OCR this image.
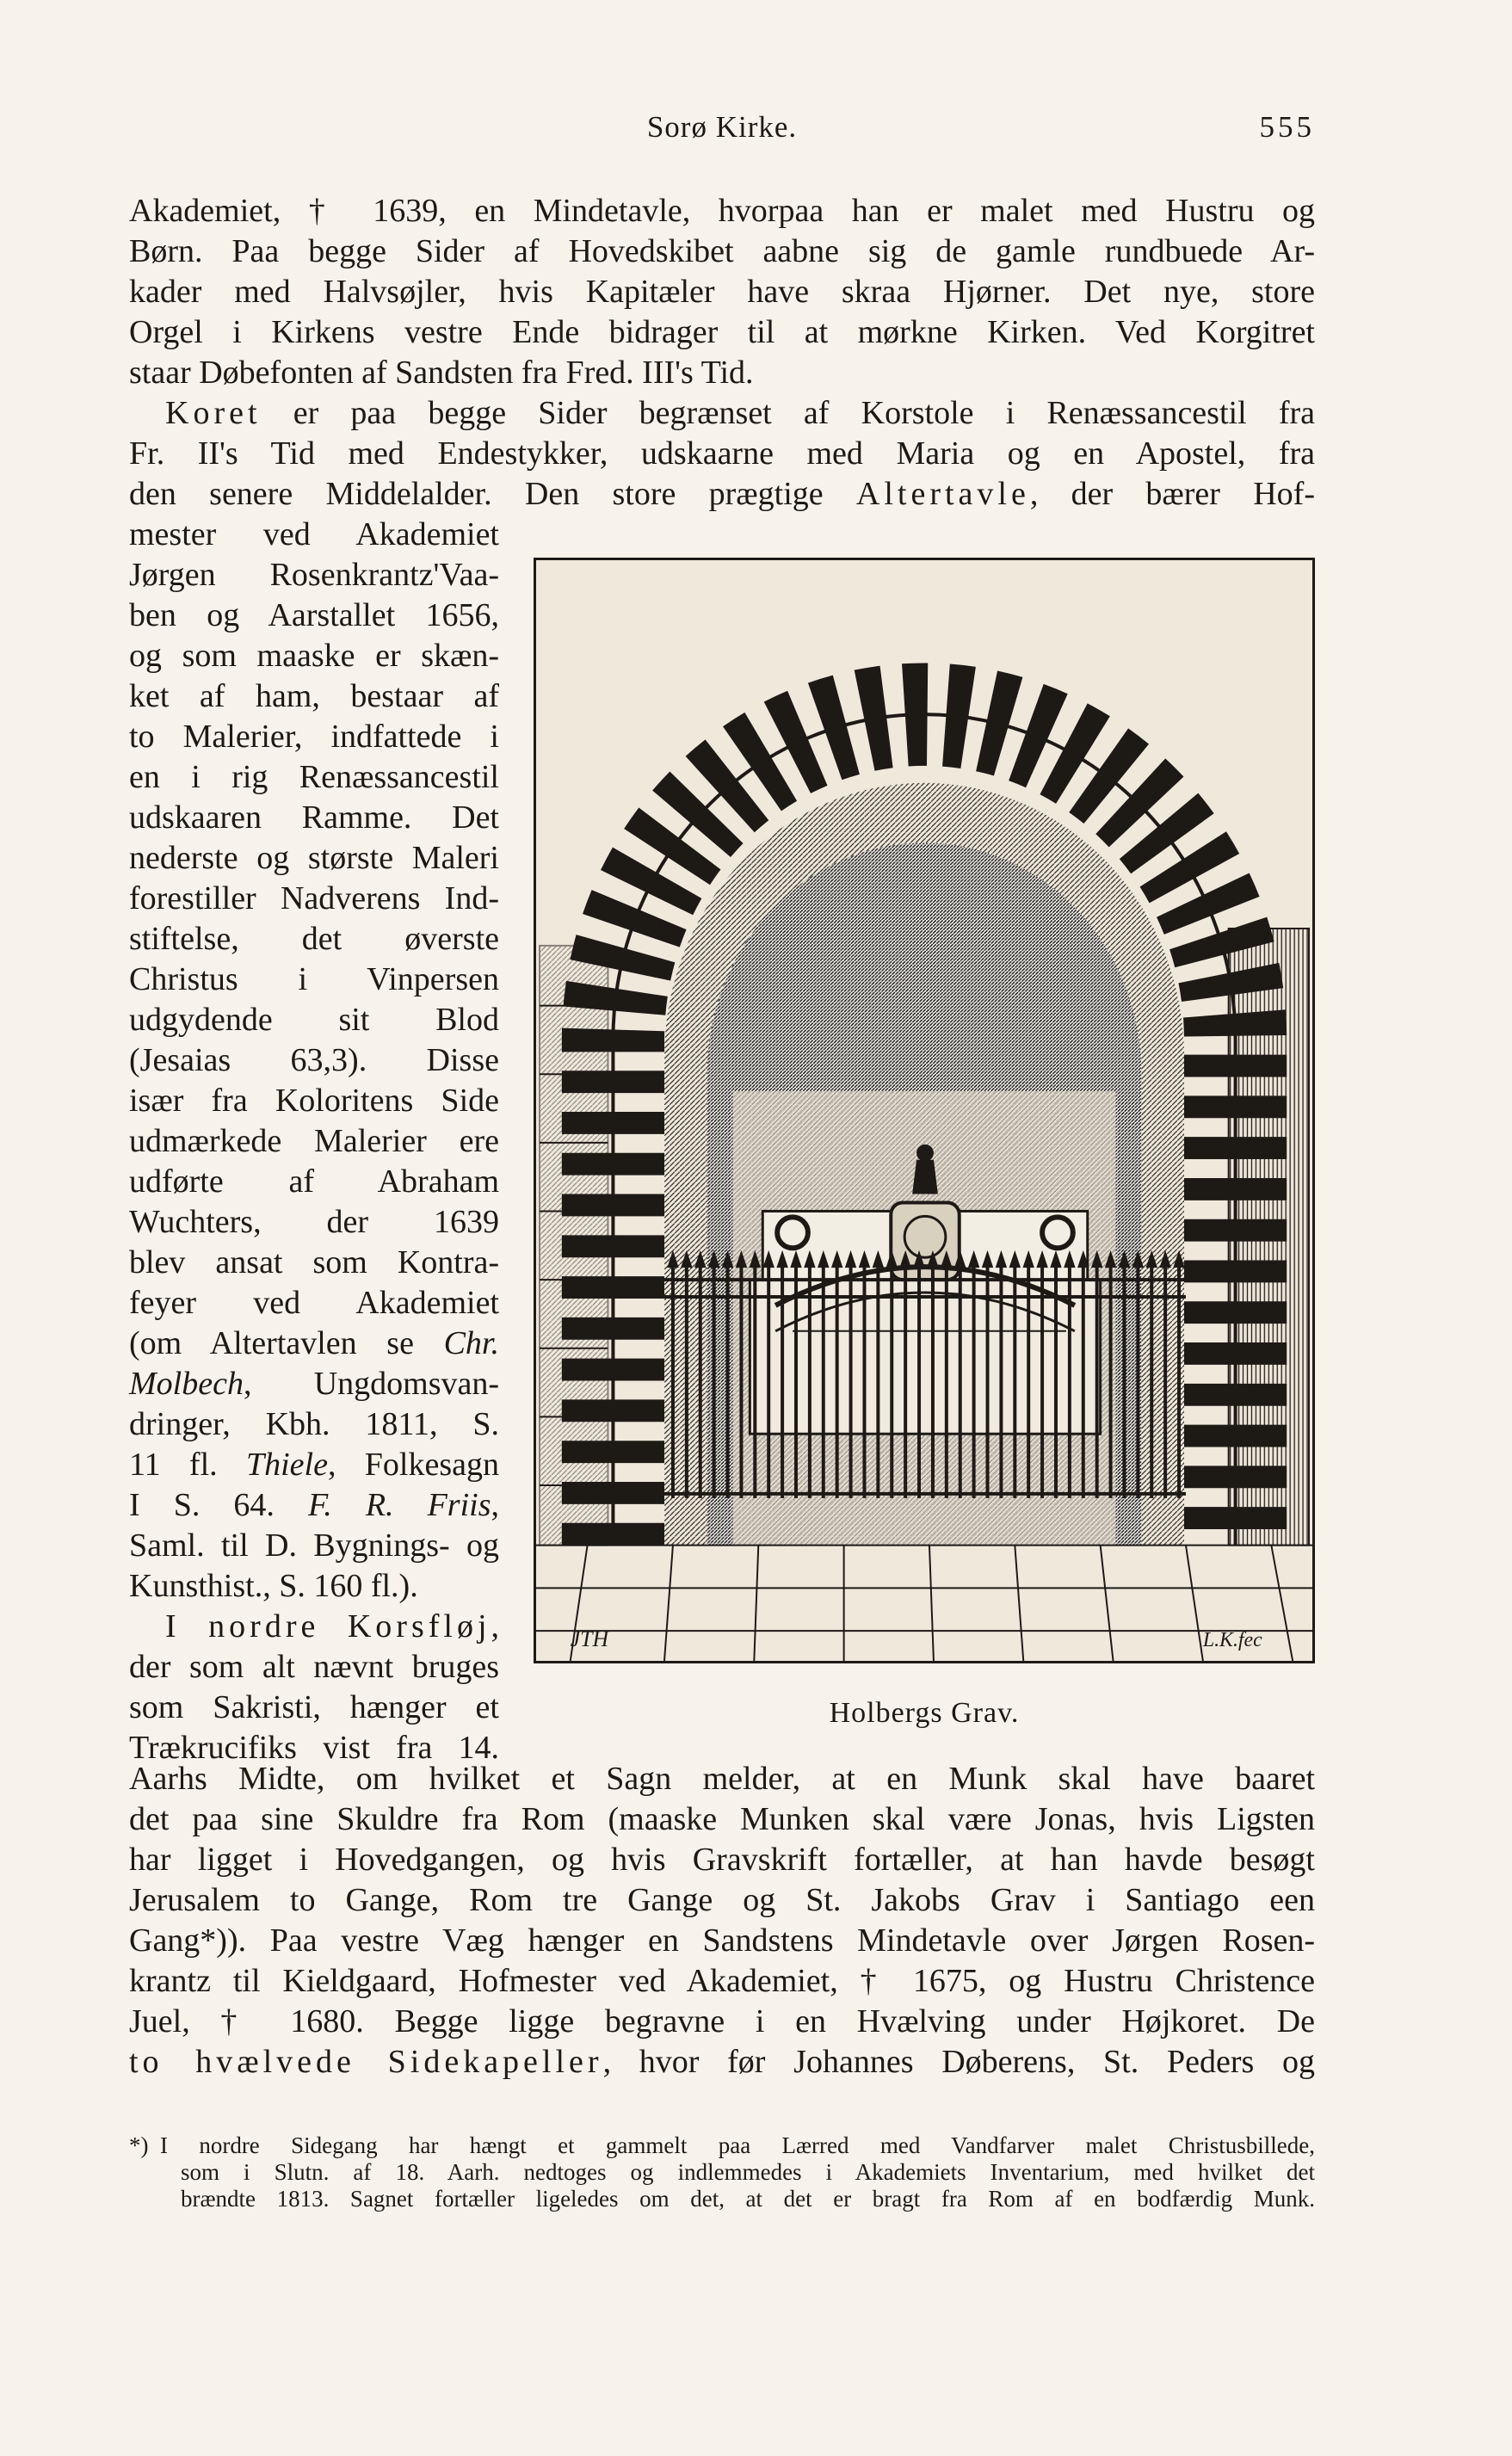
Sorø Kirke.	555
Akademiet, † 1639, en Mindetavle, hvorpaa han er malet med Hustru og
Børn. Paa begge Sider af Hovedskibet aabne sig de gamle rundbuede Ar-
kader med Halvsøjler, hvis Kapitæler have skraa Hjørner. Det nye, store
Orgel i Kirkens vestre Ende bidrager til at mørkne Kirken. Ved Korgitret
staar Døbefonten af Sandsten fra Fred. III's Tid.
Koret er paa begge Sider begrænset af Korstole i Renæssancestil fra
Fr. II's Tid med Endestykker, udskaarne med Maria og en Apostel, fra
den senere Middelalder. Den store prægtige Altertavle, der bærer Hof-
mester ved Akademiet
Jørgen Rosenkrantz'Vaa-
ben og Aarstallet 1656,
og som maaske er skæn-
ket af ham, bestaar af
to Malerier, indfattede i
en i rig Renæssancestil
udskaaren Ramme. Det
nederste og største Maleri
forestiller Nadverens Ind-
stiftelse, det øverste
Christus i Vinpersen
udgydende sit Blod
(Jesaias 63,3). Disse
især fra Koloritens Side
udmærkede Malerier ere
udførte af Abraham
Wuchters, der 1639
blev ansat som Kontra-
feyer ved Akademiet
(om Altertavlen se Chr.
Molbech, Ungdomsvan-
dringer, Kbh. 1811, S.
11 fl. Thiele, Folkesagn
I S. 64. F. R. Friis,
Saml. til D. Bygnings- og
Kunsthist., S. 160 fl.).
I nordre Korsfløj,
der som alt nævnt bruges
som Sakristi, hænger et
Trækrucifiks vist fra 14.
JTH	L.K.fec
Holbergs Grav.
Aarhs Midte, om hvilket et Sagn melder, at en Munk skal have baaret
det paa sine Skuldre fra Rom (maaske Munken skal være Jonas, hvis Ligsten
har ligget i Hovedgangen, og hvis Gravskrift fortæller, at han havde besøgt
Jerusalem to Gange, Rom tre Gange og St. Jakobs Grav i Santiago een
Gang*)). Paa vestre Væg hænger en Sandstens Mindetavle over Jørgen Rosen-
krantz til Kieldgaard, Hofmester ved Akademiet, † 1675, og Hustru Christence
Juel, † 1680. Begge ligge begravne i en Hvælving under Højkoret. De
to hvælvede Sidekapeller, hvor før Johannes Døberens, St. Peders og
*) I nordre Sidegang har hængt et gammelt paa Lærred med Vandfarver malet Christusbillede,
som i Slutn. af 18. Aarh. nedtoges og indlemmedes i Akademiets Inventarium, med hvilket det
brændte 1813. Sagnet fortæller ligeledes om det, at det er bragt fra Rom af en bodfærdig Munk.
